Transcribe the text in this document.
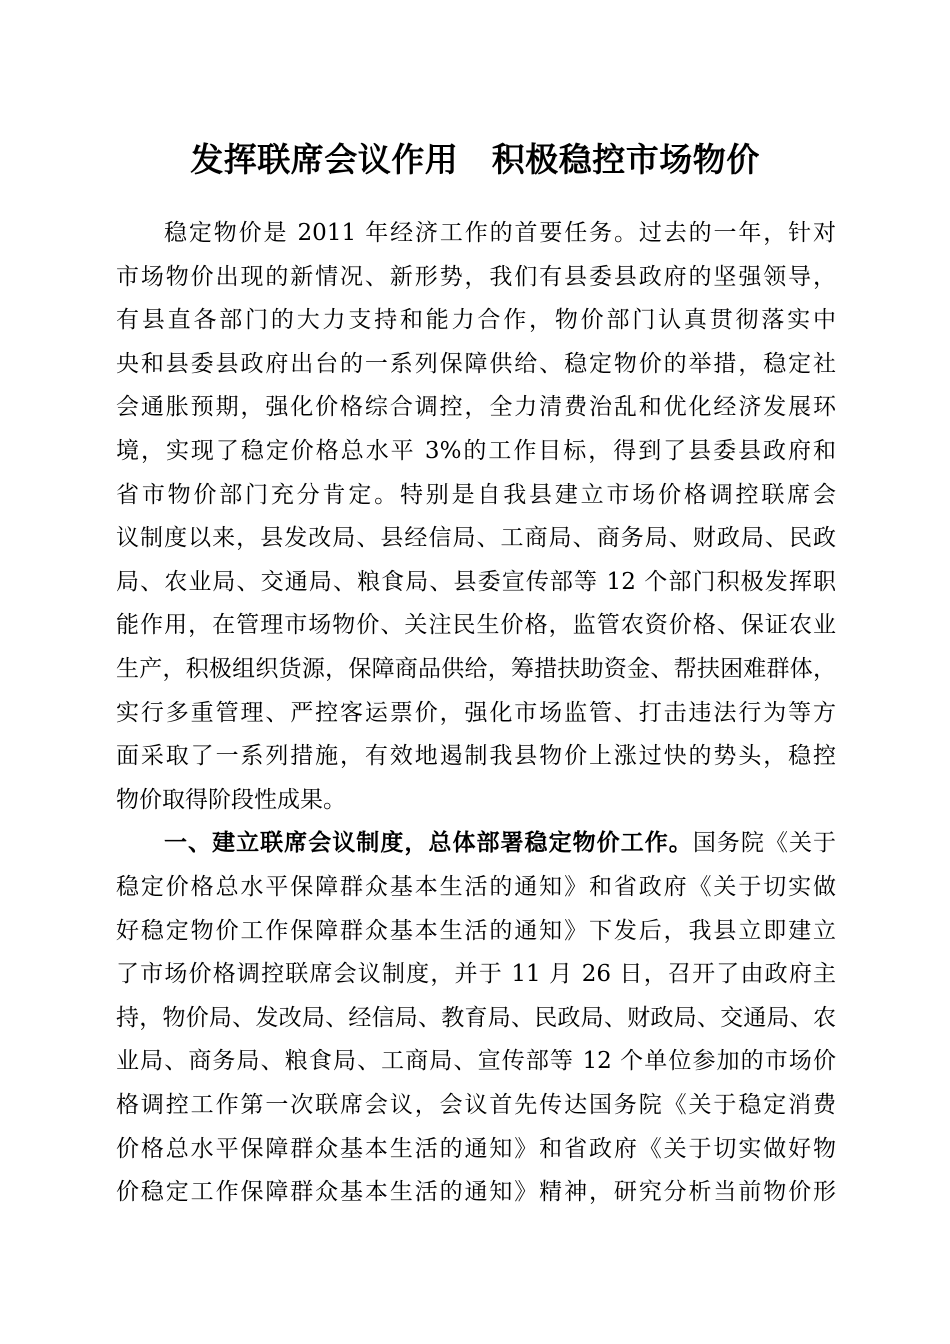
发挥联席会议作用　积极稳控市场物价
稳定物价是 2011 年经济工作的首要任务。过去的一年，针对
市场物价出现的新情况、新形势，我们有县委县政府的坚强领导，
有县直各部门的大力支持和能力合作，物价部门认真贯彻落实中
央和县委县政府出台的一系列保障供给、稳定物价的举措，稳定社
会通胀预期，强化价格综合调控，全力清费治乱和优化经济发展环
境，实现了稳定价格总水平 3%的工作目标，得到了县委县政府和
省市物价部门充分肯定。特别是自我县建立市场价格调控联席会
议制度以来，县发改局、县经信局、工商局、商务局、财政局、民政
局、农业局、交通局、粮食局、县委宣传部等 12 个部门积极发挥职
能作用，在管理市场物价、关注民生价格，监管农资价格、保证农业
生产，积极组织货源，保障商品供给，筹措扶助资金、帮扶困难群体，
实行多重管理、严控客运票价，强化市场监管、打击违法行为等方
面采取了一系列措施，有效地遏制我县物价上涨过快的势头，稳控
物价取得阶段性成果。
一、建立联席会议制度，总体部署稳定物价工作。国务院《关于
稳定价格总水平保障群众基本生活的通知》和省政府《关于切实做
好稳定物价工作保障群众基本生活的通知》下发后，我县立即建立
了市场价格调控联席会议制度，并于 11 月 26 日，召开了由政府主
持，物价局、发改局、经信局、教育局、民政局、财政局、交通局、农
业局、商务局、粮食局、工商局、宣传部等 12 个单位参加的市场价
格调控工作第一次联席会议，会议首先传达国务院《关于稳定消费
价格总水平保障群众基本生活的通知》和省政府《关于切实做好物
价稳定工作保障群众基本生活的通知》精神，研究分析当前物价形
